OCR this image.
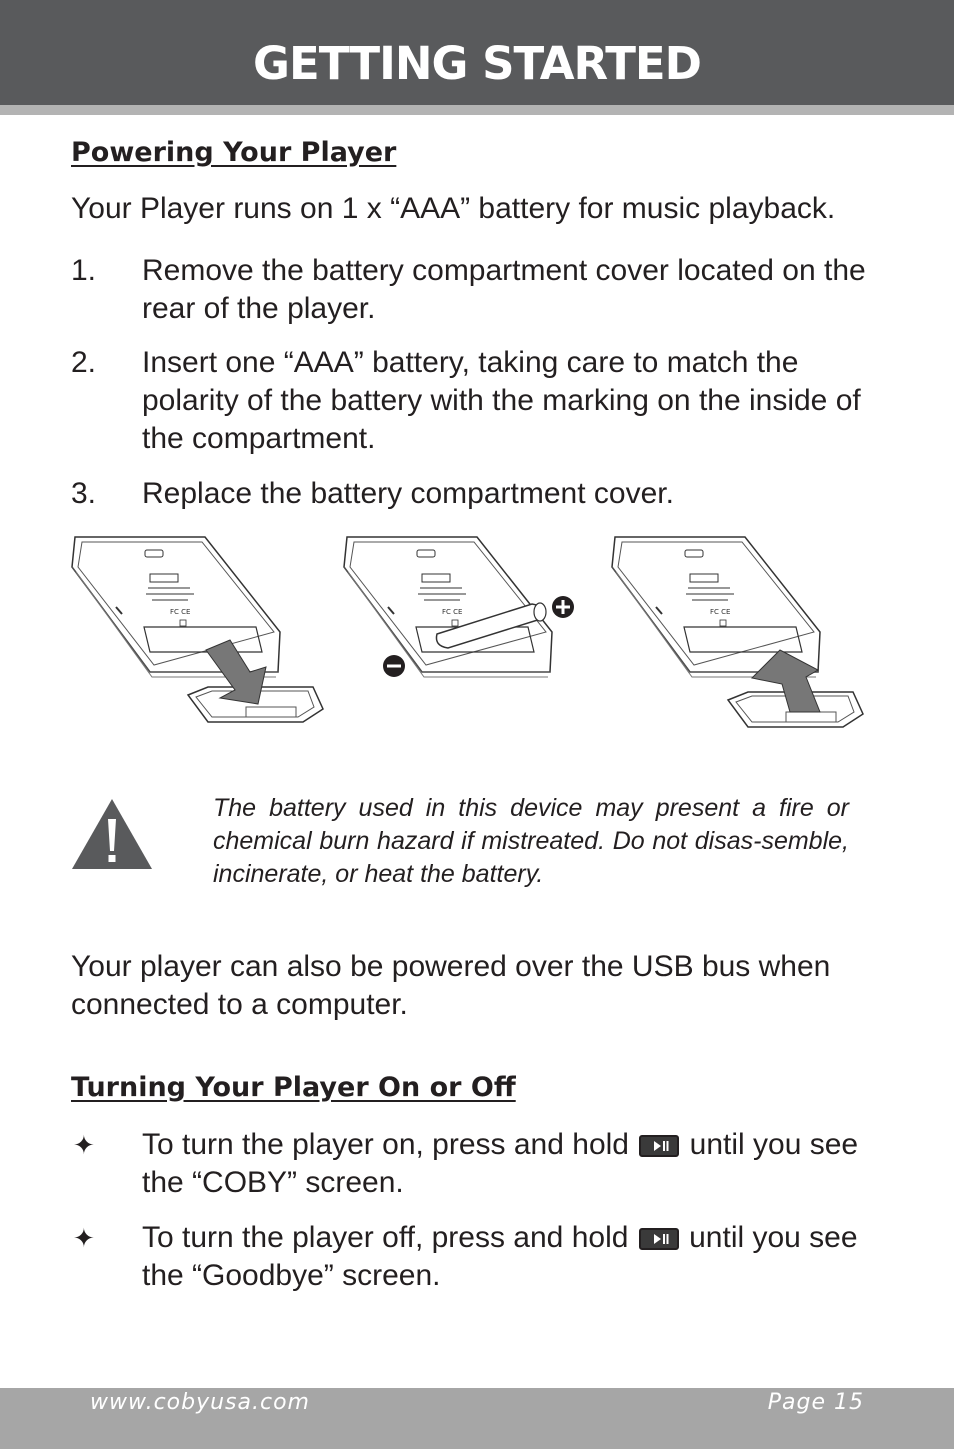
GETTING STARTED
Powering Your Player

Your Player runs on 1 x “AAA” battery for music playback.

1. Remove the battery compartment cover located on the rear of the player.
2. Insert one “AAA” battery, taking care to match the polarity of the battery with the marking on the inside of the compartment.
3. Replace the battery compartment cover.
The battery used in this device may present a fire or chemical burn hazard if mistreated. Do not disas-semble, incinerate, or heat the battery.

Your player can also be powered over the USB bus when connected to a computer.

Turning Your Player On or Off
✦ To turn the player on, press and hold until you see the “COBY” screen.
✦ To turn the player off, press and hold until you see the “Goodbye” screen.
www.cobyusa.com	Page 15
